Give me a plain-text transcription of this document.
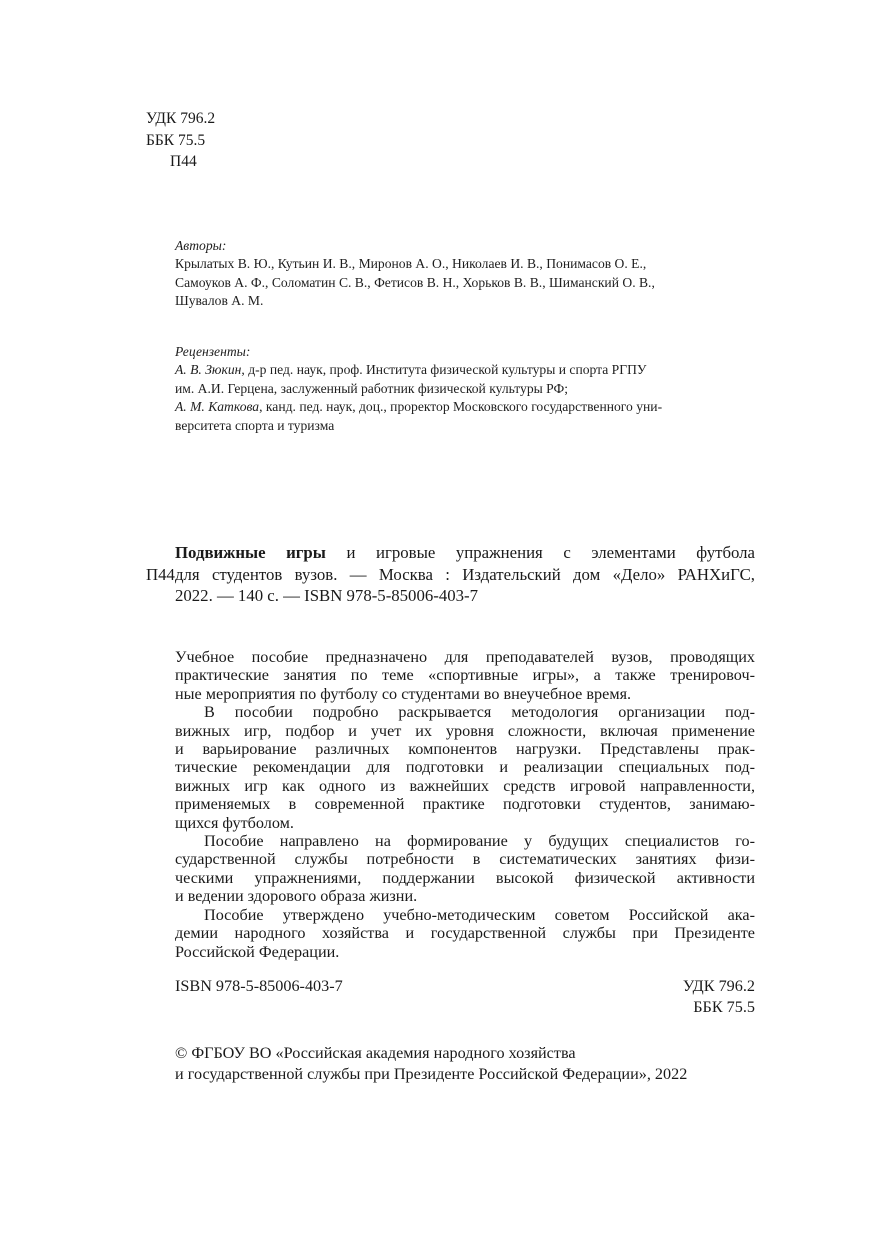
УДК 796.2
ББК 75.5
П44
Авторы:
Крылатых В. Ю., Кутьин И. В., Миронов А. О., Николаев И. В., Понимасов О. Е.,
Самоуков А. Ф., Соломатин С. В., Фетисов В. Н., Хорьков В. В., Шиманский О. В.,
Шувалов А. М.
Рецензенты:
А. В. Зюкин, д-р пед. наук, проф. Института физической культуры и спорта РГПУ
им. А.И. Герцена, заслуженный работник физической культуры РФ;
А. М. Каткова, канд. пед. наук, доц., проректор Московского государственного уни-
верситета спорта и туризма
П44
Подвижные игры и игровые упражнения с элементами футбола
для студентов вузов. — Москва : Издательский дом «Дело» РАНХиГС,
2022. — 140 с. — ISBN 978-5-85006-403-7
Учебное пособие предназначено для преподавателей вузов, проводящих
практические занятия по теме «спортивные игры», а также тренировоч-
ные мероприятия по футболу со студентами во внеучебное время.
В пособии подробно раскрывается методология организации под-
вижных игр, подбор и учет их уровня сложности, включая применение
и варьирование различных компонентов нагрузки. Представлены прак-
тические рекомендации для подготовки и реализации специальных под-
вижных игр как одного из важнейших средств игровой направленности,
применяемых в современной практике подготовки студентов, занимаю-
щихся футболом.
Пособие направлено на формирование у будущих специалистов го-
сударственной службы потребности в систематических занятиях физи-
ческими упражнениями, поддержании высокой физической активности
и ведении здорового образа жизни.
Пособие утверждено учебно-методическим советом Российской ака-
демии народного хозяйства и государственной службы при Президенте
Российской Федерации.
ISBN 978-5-85006-403-7	УДК 796.2
ББК 75.5
© ФГБОУ ВО «Российская академия народного хозяйства
и государственной службы при Президенте Российской Федерации», 2022
